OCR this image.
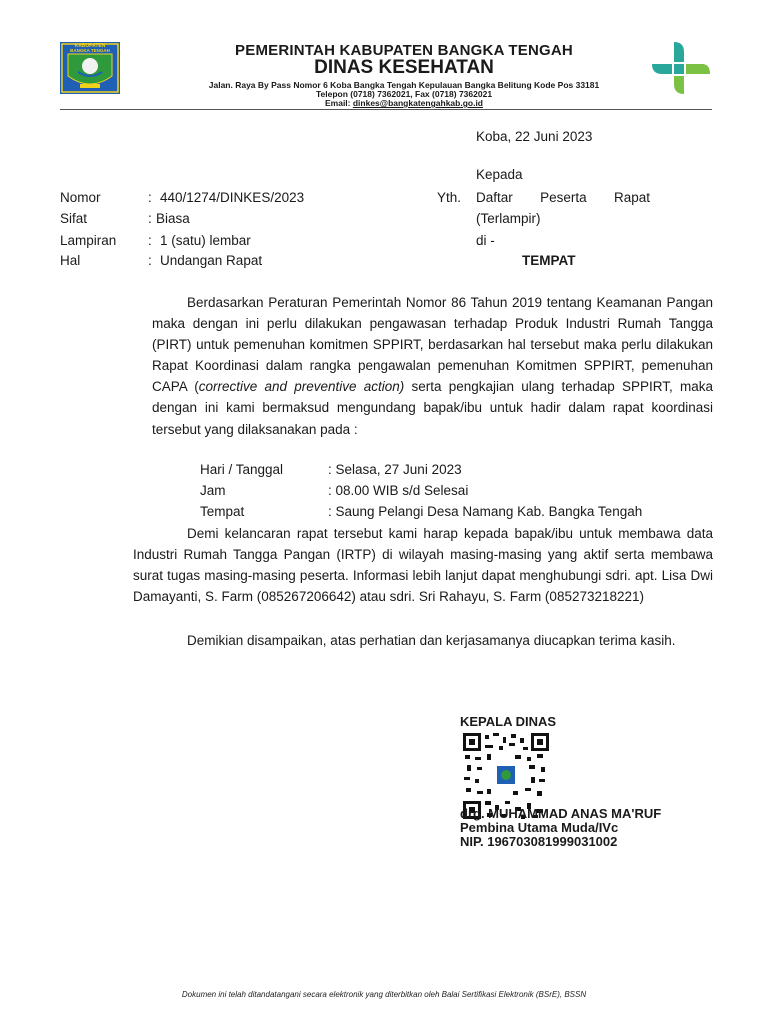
KABUPATEN
BANGKA TENGAH	PEMERINTAH KABUPATEN BANGKA TENGAH
DINAS KESEHATAN
Jalan. Raya By Pass Nomor 6 Koba Bangka Tengah Kepulauan Bangka Belitung Kode Pos 33181
Telepon (0718) 7362021, Fax (0718) 7362021
Email: dinkes@bangkatengahkab.go.id
Koba, 22 Juni 2023
Kepada
Yth. Daftar Peserta Rapat
(Terlampir)
di -
TEMPAT
Nomor	: 440/1274/DINKES/2023
Sifat	: Biasa
Lampiran : 1 (satu) lembar
Hal	: Undangan Rapat
Berdasarkan Peraturan Pemerintah Nomor 86 Tahun 2019 tentang Keamanan Pangan maka dengan ini perlu dilakukan pengawasan terhadap Produk Industri Rumah Tangga (PIRT) untuk pemenuhan komitmen SPPIRT, berdasarkan hal tersebut maka perlu dilakukan Rapat Koordinasi dalam rangka pengawalan pemenuhan Komitmen SPPIRT, pemenuhan CAPA (corrective and preventive action) serta pengkajian ulang terhadap SPPIRT, maka dengan ini kami bermaksud mengundang bapak/ibu untuk hadir dalam rapat koordinasi tersebut yang dilaksanakan pada :
Hari / Tanggal	: Selasa, 27 Juni 2023
Jam	: 08.00 WIB s/d Selesai
Tempat	: Saung Pelangi Desa Namang Kab. Bangka Tengah
Demi kelancaran rapat tersebut kami harap kepada bapak/ibu untuk membawa data Industri Rumah Tangga Pangan (IRTP) di wilayah masing-masing yang aktif serta membawa surat tugas masing-masing peserta. Informasi lebih lanjut dapat menghubungi sdri. apt. Lisa Dwi Damayanti, S. Farm (085267206642) atau sdri. Sri Rahayu, S. Farm (085273218221)
Demikian disampaikan, atas perhatian dan kerjasamanya diucapkan terima kasih.
KEPALA DINAS
drg. MUHAMMAD ANAS MA'RUF
Pembina Utama Muda/IVc
NIP. 196703081999031002
Dokumen ini telah ditandatangani secara elektronik yang diterbitkan oleh Balai Sertifikasi Elektronik (BSrE), BSSN
